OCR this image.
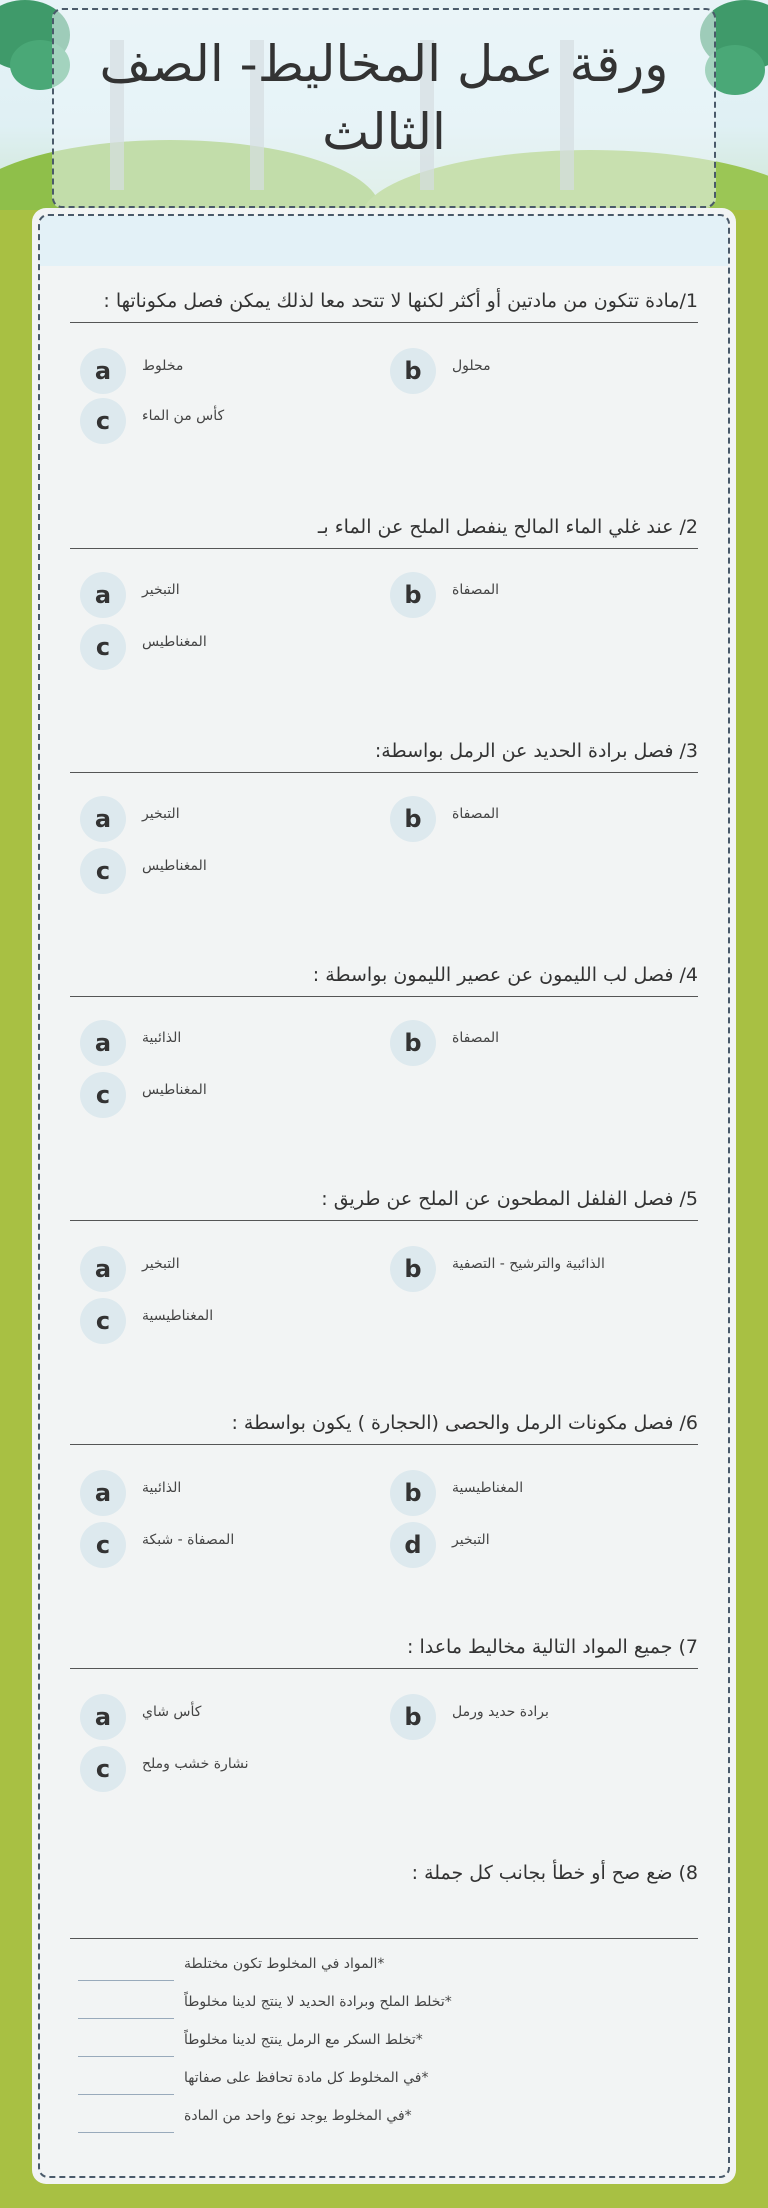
ورقة عمل المخاليط- الصف الثالث

1/مادة تتكون من مادتين أو أكثر لكنها لا تتحد معا لذلك يمكن فصل مكوناتها :

a	مخلوط	b	محلول
c	كأس من الماء

2/ عند غلي الماء المالح ينفصل الملح عن الماء بـ

a	التبخير	b	المصفاة
c	المغناطيس

3/ فصل برادة الحديد عن الرمل بواسطة:

a	التبخير	b	المصفاة
c	المغناطيس

4/ فصل لب الليمون عن عصير الليمون بواسطة :

a	الذائبية	b	المصفاة
c	المغناطيس

5/ فصل الفلفل المطحون عن الملح عن طريق :

a	التبخير	b	الذائبية والترشيح - التصفية
c	المغناطيسية

6/ فصل مكونات الرمل والحصى (الحجارة ) يكون بواسطة :

a	الذائبية	b	المغناطيسية
c	المصفاة - شبكة	d	التبخير

7) جميع المواد التالية مخاليط ماعدا :

a	كأس شاي	b	برادة حديد ورمل
c	نشارة خشب وملح

8) ضع صح أو خطأ بجانب كل جملة :

*المواد في المخلوط تكون مختلطة
*تخلط الملح وبرادة الحديد لا ينتج لدينا مخلوطاً
*تخلط السكر مع الرمل ينتج لدينا مخلوطاً
*في المخلوط كل مادة تحافظ على صفاتها
*في المخلوط يوجد نوع واحد من المادة
